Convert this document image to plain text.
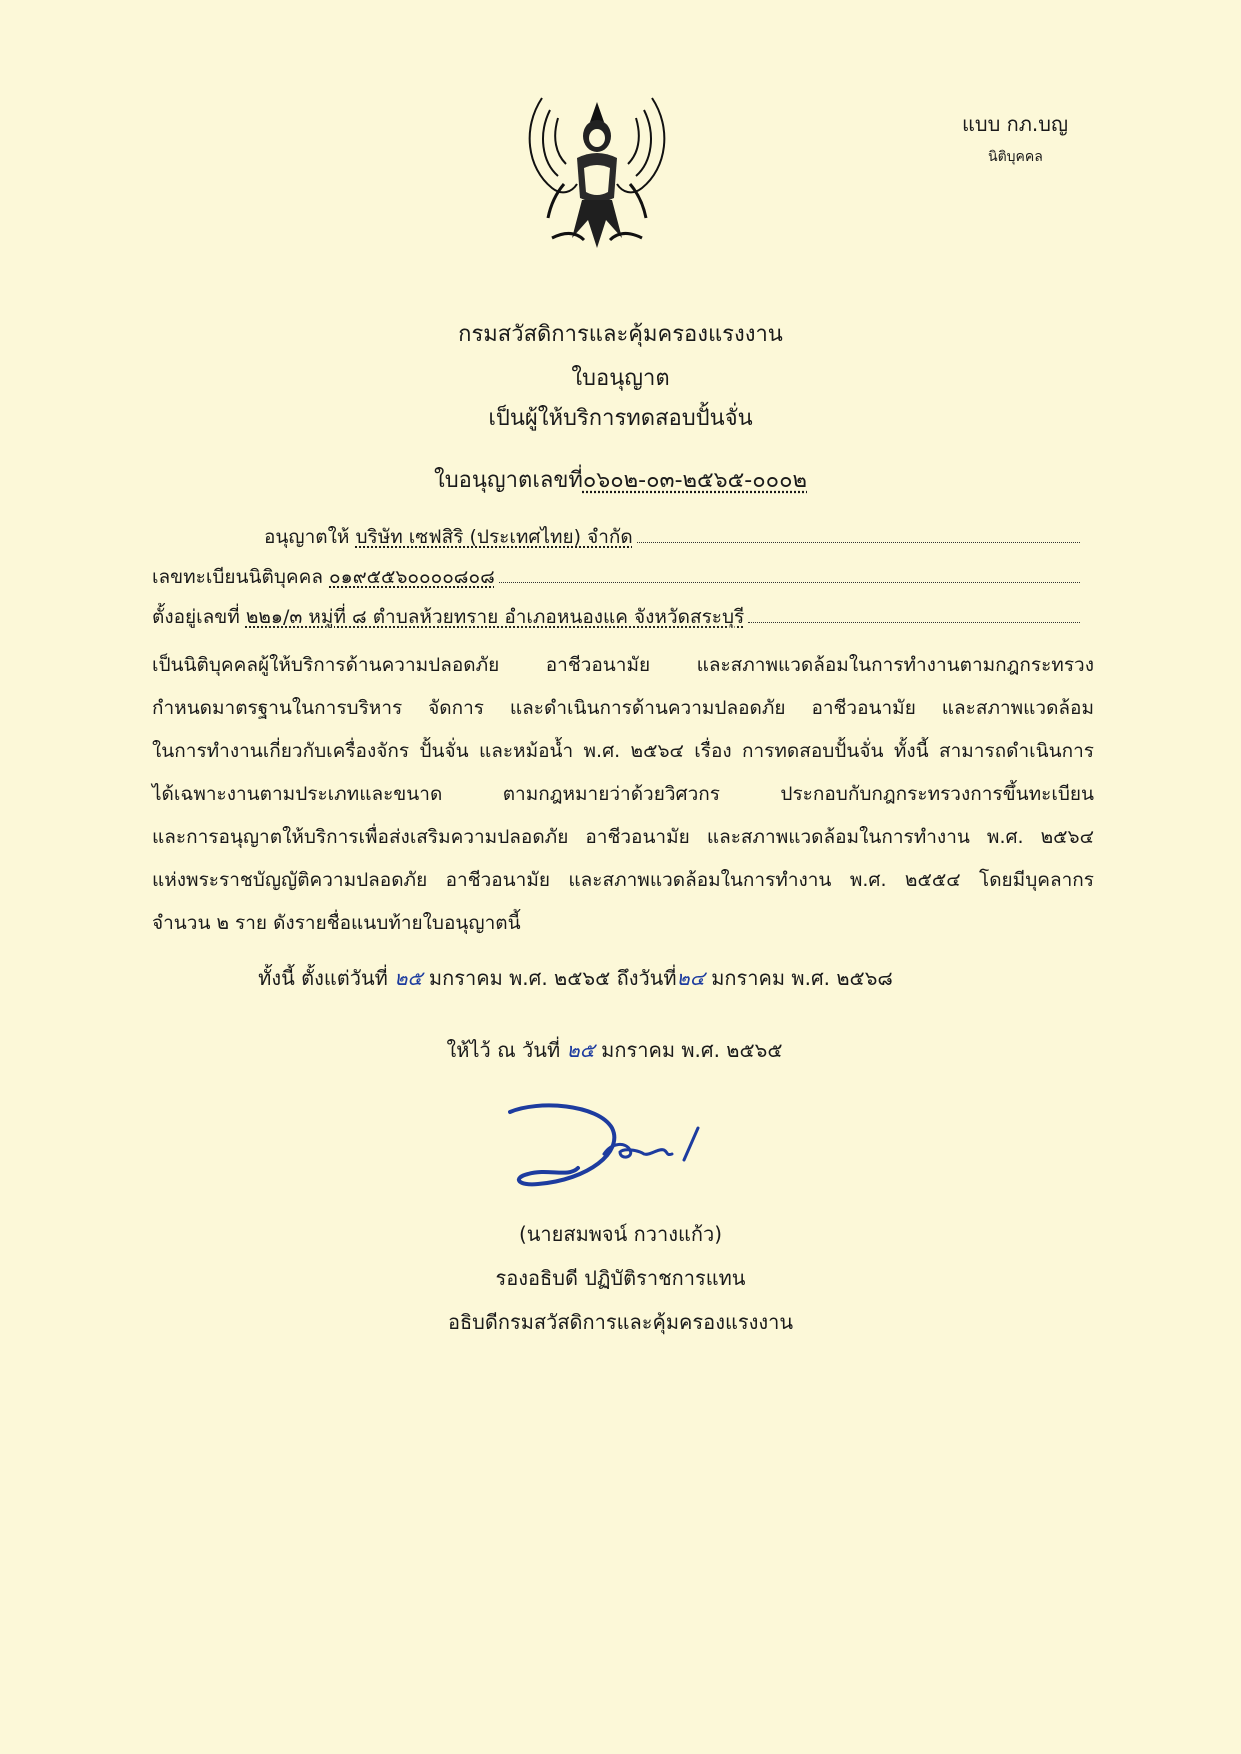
แบบ กภ.บญ
นิติบุคคล
กรมสวัสดิการและคุ้มครองแรงงาน
ใบอนุญาต
เป็นผู้ให้บริการทดสอบปั้นจั่น
ใบอนุญาตเลขที่๐๖๐๒-๐๓-๒๕๖๕-๐๐๐๒
อนุญาตให้
บริษัท เซฟสิริ (ประเทศไทย) จำกัด
เลขทะเบียนนิติบุคคล
๐๑๙๕๕๖๐๐๐๐๘๐๘
ตั้งอยู่เลขที่
๒๒๑/๓ หมู่ที่ ๘ ตำบลห้วยทราย อำเภอหนองแค จังหวัดสระบุรี
เป็นนิติบุคคลผู้ให้บริการด้านความปลอดภัย อาชีวอนามัย และสภาพแวดล้อมในการทำงานตามกฎกระทรวง
กำหนดมาตรฐานในการบริหาร จัดการ และดำเนินการด้านความปลอดภัย อาชีวอนามัย และสภาพแวดล้อม
ในการทำงานเกี่ยวกับเครื่องจักร ปั้นจั่น และหม้อน้ำ พ.ศ. ๒๕๖๔ เรื่อง การทดสอบปั้นจั่น ทั้งนี้ สามารถดำเนินการ
ได้เฉพาะงานตามประเภทและขนาด ตามกฎหมายว่าด้วยวิศวกร ประกอบกับกฎกระทรวงการขึ้นทะเบียน
และการอนุญาตให้บริการเพื่อส่งเสริมความปลอดภัย อาชีวอนามัย และสภาพแวดล้อมในการทำงาน พ.ศ. ๒๕๖๔
แห่งพระราชบัญญัติความปลอดภัย อาชีวอนามัย และสภาพแวดล้อมในการทำงาน พ.ศ. ๒๕๕๔ โดยมีบุคลากร
จำนวน ๒ ราย ดังรายชื่อแนบท้ายใบอนุญาตนี้
ทั้งนี้ ตั้งแต่วันที่ ๒๕ มกราคม พ.ศ. ๒๕๖๕ ถึงวันที่๒๔ มกราคม พ.ศ. ๒๕๖๘
ให้ไว้ ณ วันที่ ๒๕ มกราคม พ.ศ. ๒๕๖๕
(นายสมพจน์ กวางแก้ว)
รองอธิบดี ปฏิบัติราชการแทน
อธิบดีกรมสวัสดิการและคุ้มครองแรงงาน
